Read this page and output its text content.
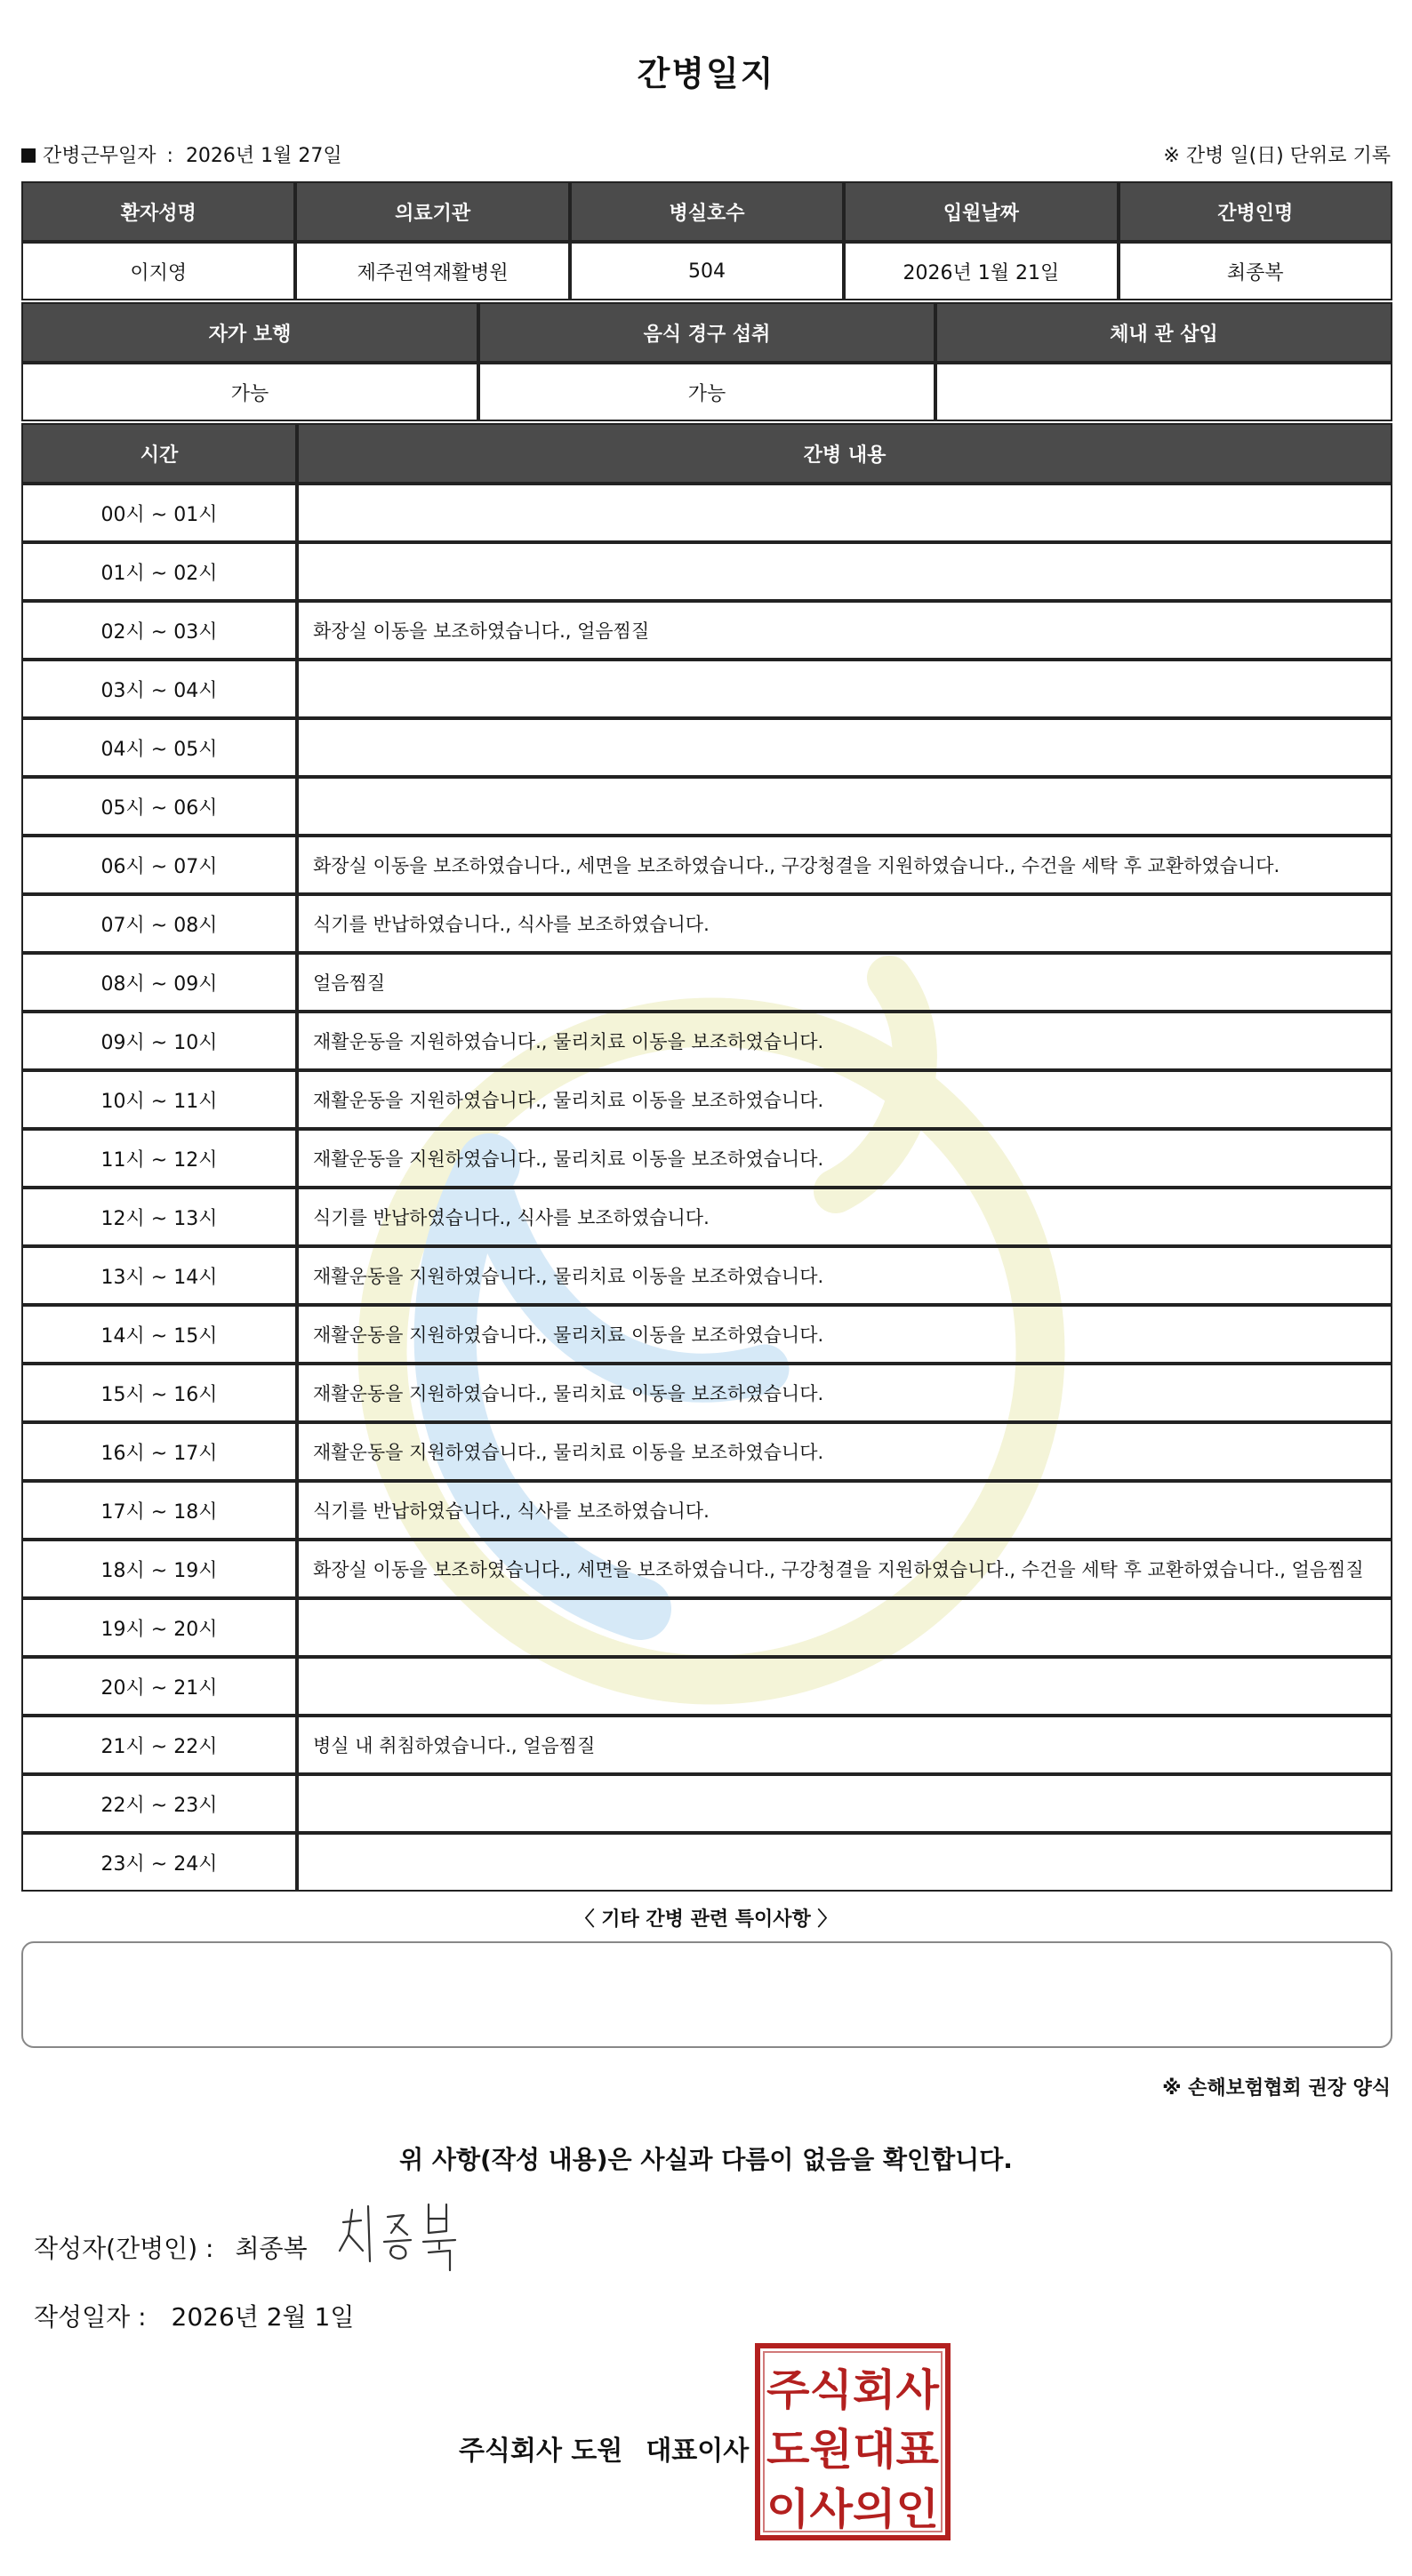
간병일지
간병근무일자 : 2026년 1월 27일	※ 간병 일(日) 단위로 기록
환자성명	의료기관	병실호수	입원날짜	간병인명
이지영	제주권역재활병원	504	2026년 1월 21일	최종복
자가 보행	음식 경구 섭취	체내 관 삽입
가능	가능	
시간	간병 내용
00시 ~ 01시	
01시 ~ 02시	
02시 ~ 03시	화장실 이동을 보조하였습니다., 얼음찜질
03시 ~ 04시	
04시 ~ 05시	
05시 ~ 06시	
06시 ~ 07시	화장실 이동을 보조하였습니다., 세면을 보조하였습니다., 구강청결을 지원하였습니다., 수건을 세탁 후 교환하였습니다.
07시 ~ 08시	식기를 반납하였습니다., 식사를 보조하였습니다.
08시 ~ 09시	얼음찜질
09시 ~ 10시	재활운동을 지원하였습니다., 물리치료 이동을 보조하였습니다.
10시 ~ 11시	재활운동을 지원하였습니다., 물리치료 이동을 보조하였습니다.
11시 ~ 12시	재활운동을 지원하였습니다., 물리치료 이동을 보조하였습니다.
12시 ~ 13시	식기를 반납하였습니다., 식사를 보조하였습니다.
13시 ~ 14시	재활운동을 지원하였습니다., 물리치료 이동을 보조하였습니다.
14시 ~ 15시	재활운동을 지원하였습니다., 물리치료 이동을 보조하였습니다.
15시 ~ 16시	재활운동을 지원하였습니다., 물리치료 이동을 보조하였습니다.
16시 ~ 17시	재활운동을 지원하였습니다., 물리치료 이동을 보조하였습니다.
17시 ~ 18시	식기를 반납하였습니다., 식사를 보조하였습니다.
18시 ~ 19시	화장실 이동을 보조하였습니다., 세면을 보조하였습니다., 구강청결을 지원하였습니다., 수건을 세탁 후 교환하였습니다., 얼음찜질
19시 ~ 20시	
20시 ~ 21시	
21시 ~ 22시	병실 내 취침하였습니다., 얼음찜질
22시 ~ 23시	
23시 ~ 24시	
〈 기타 간병 관련 특이사항 〉
※ 손해보험협회 권장 양식
위 사항(작성 내용)은 사실과 다름이 없음을 확인합니다.
작성자(간병인) : 최종복
작성일자 : 2026년 2월 1일
주식회사 도원 대표이사
주식회사
도원대표
이사의인
